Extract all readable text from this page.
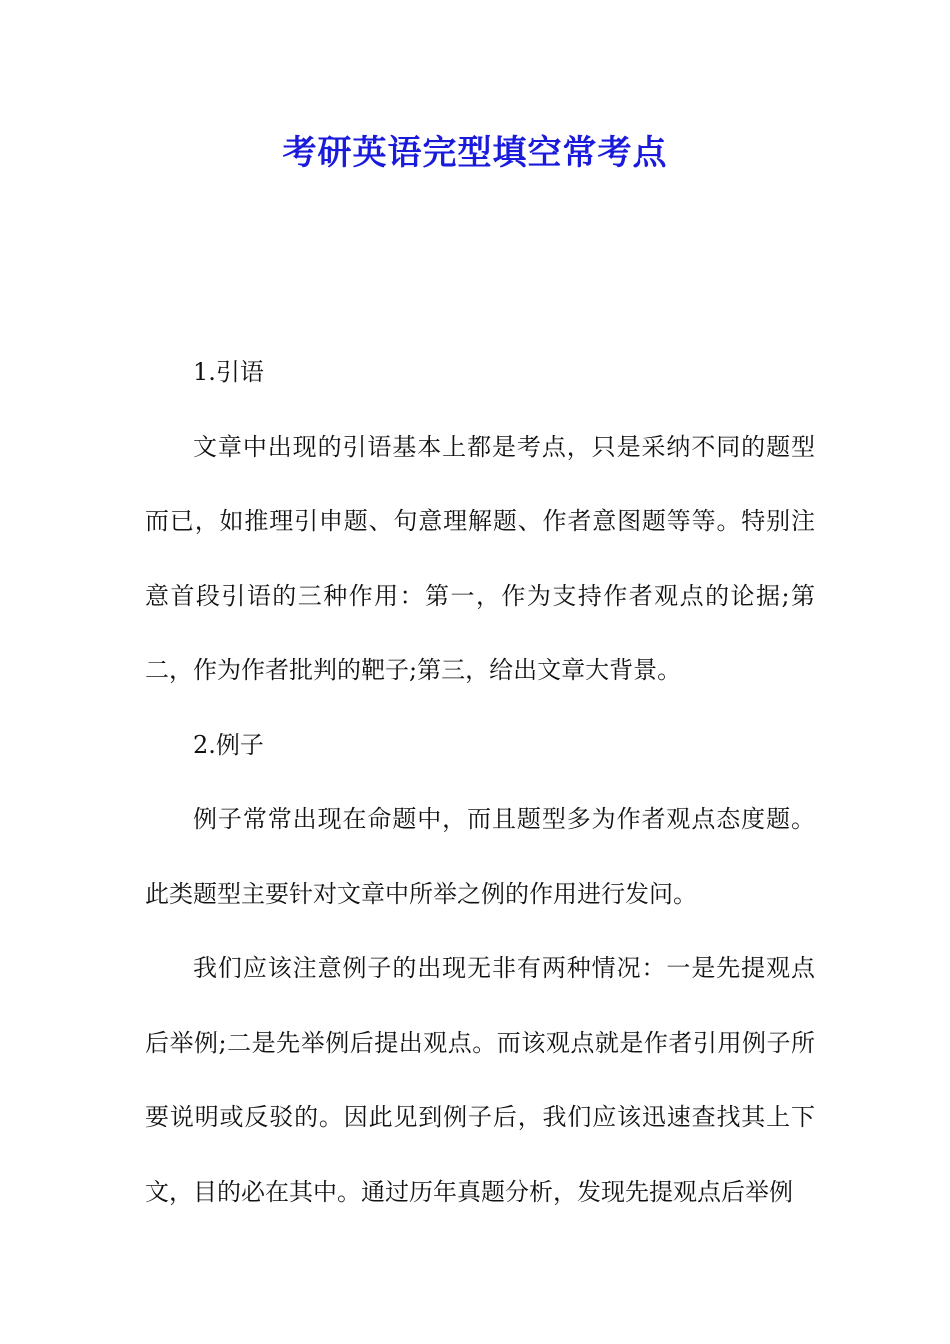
考研英语完型填空常考点

1.引语

文章中出现的引语基本上都是考点，只是采纳不同的题型而已，如推理引申题、句意理解题、作者意图题等等。特别注意首段引语的三种作用：第一，作为支持作者观点的论据;第二，作为作者批判的靶子;第三，给出文章大背景。

2.例子

例子常常出现在命题中，而且题型多为作者观点态度题。此类题型主要针对文章中所举之例的作用进行发问。

我们应该注意例子的出现无非有两种情况：一是先提观点后举例;二是先举例后提出观点。而该观点就是作者引用例子所要说明或反驳的。因此见到例子后，我们应该迅速查找其上下文，目的必在其中。通过历年真题分析，发现先提观点后举例
